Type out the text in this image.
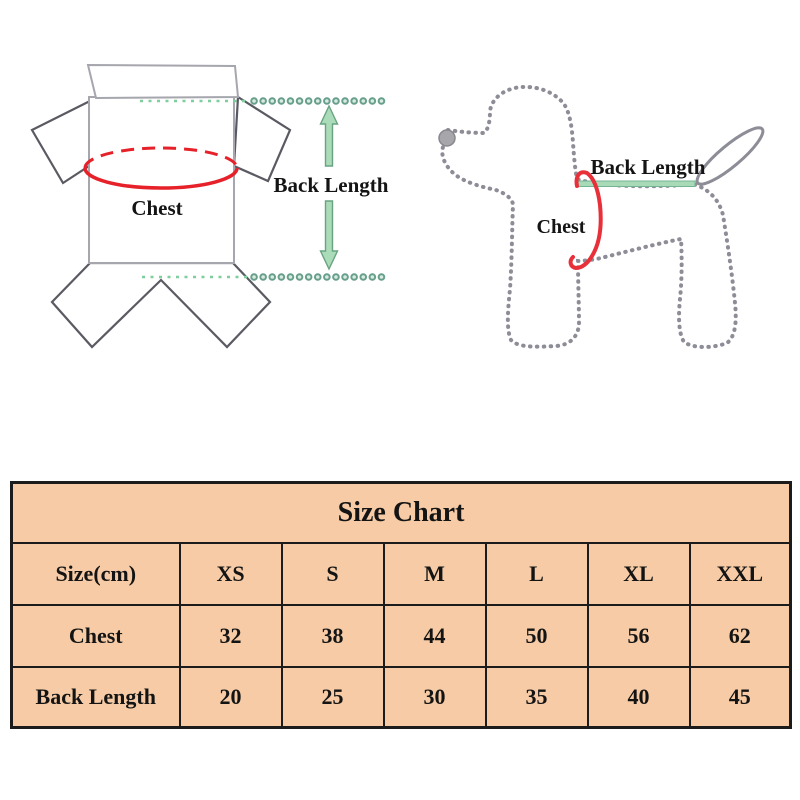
Chest
Back Length
Back Length
Chest
Size Chart						
Size(cm)	XS	S	M	L	XL	XXL
Chest	32	38	44	50	56	62
Back Length	20	25	30	35	40	45
